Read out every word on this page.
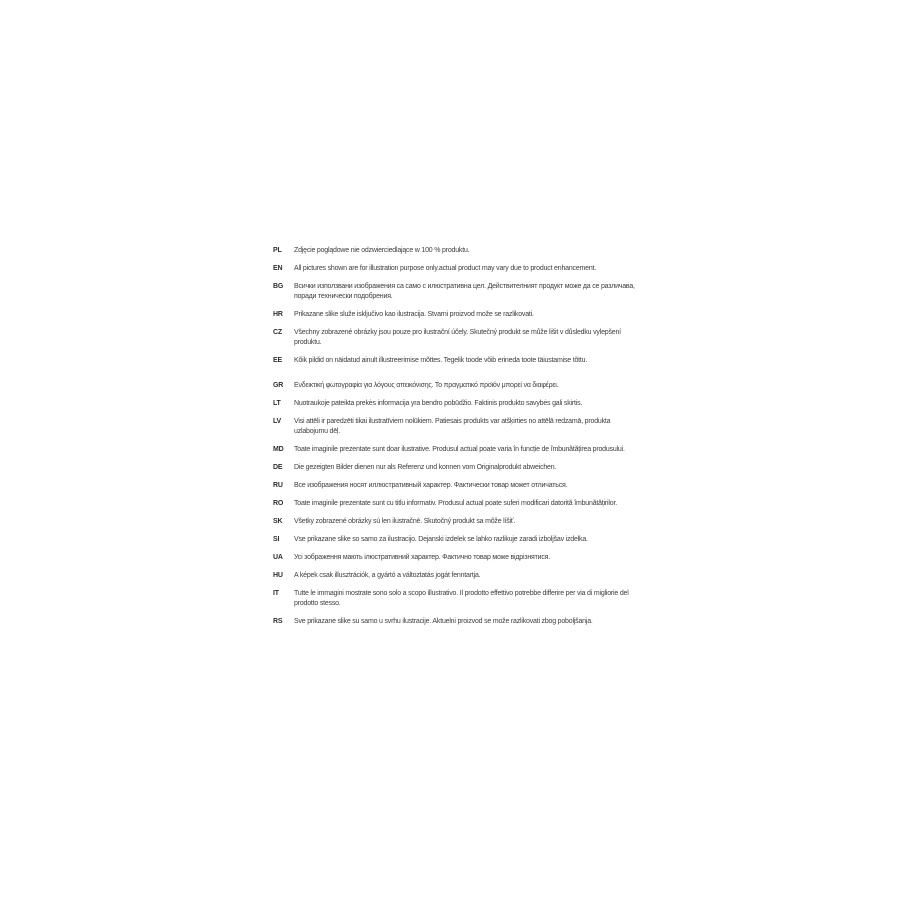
PL	Zdjęcie poglądowe nie odzwierciedlające w 100 % produktu.
EN	All pictures shown are for illustration purpose only.actual product may vary due to product enhancement.
BG	Всички използвани изображения са само с илюстративна цел. Действителният продукт може да се различава, поради технически подобрения.
HR	Prikazane slike služe isključivo kao ilustracija. Stvarni proizvod može se razlikovati.
CZ	Všechny zobrazené obrázky jsou pouze pro ilustrační účely. Skutečný produkt se může lišit v důsledku vylepšení produktu.
EE	Kõik pildid on näidatud ainult illustreerimise mõttes. Tegelik toode võib erineda toote täiustamise tõttu.
GR	Ενδεικτική φωτογραφία για λόγους απεικόνισης. Το πραγματικό προϊόν μπορεί να διαφέρει.
LT	Nuotraukoje pateikta prekės informacija yra bendro pobūdžio. Faktinis produkto savybės gali skirtis.
LV	Visi attēli ir paredzēti tikai ilustratīviem nolūkiem. Patiesais produkts var atšķirties no attēlā redzamā, produkta uzlabojumu dēļ.
MD	Toate imaginile prezentate sunt doar ilustrative. Produsul actual poate varia în funcție de îmbunătățirea produsului.
DE	Die gezeigten Bilder dienen nur als Referenz und konnen vom Originalprodukt abweichen.
RU	Все изображения носят иллюстративный характер. Фактически товар может отличаться.
RO	Toate imaginile prezentate sunt cu titlu informativ. Produsul actual poate suferi modificari datorită îmbunătățirilor.
SK	Všetky zobrazené obrázky sú len ilustračné. Skutočný produkt sa môže líšiť.
SI	Vse prikazane slike so samo za ilustracijo. Dejanski izdelek se lahko razlikuje zaradi izboljšav izdelka.
UA	Усі зображення мають ілюстративний характер. Фактично товар може відрізнятися.
HU	A képek csak illusztrációk, a gyártó a változtatás jogát fenntartja.
IT	Tutte le immagini mostrate sono solo a scopo illustrativo. Il prodotto effettivo potrebbe differire per via di migliorie del prodotto stesso.
RS	Sve prikazane slike su samo u svrhu ilustracije. Aktuelni proizvod se može razlikovati zbog poboljšanja.
